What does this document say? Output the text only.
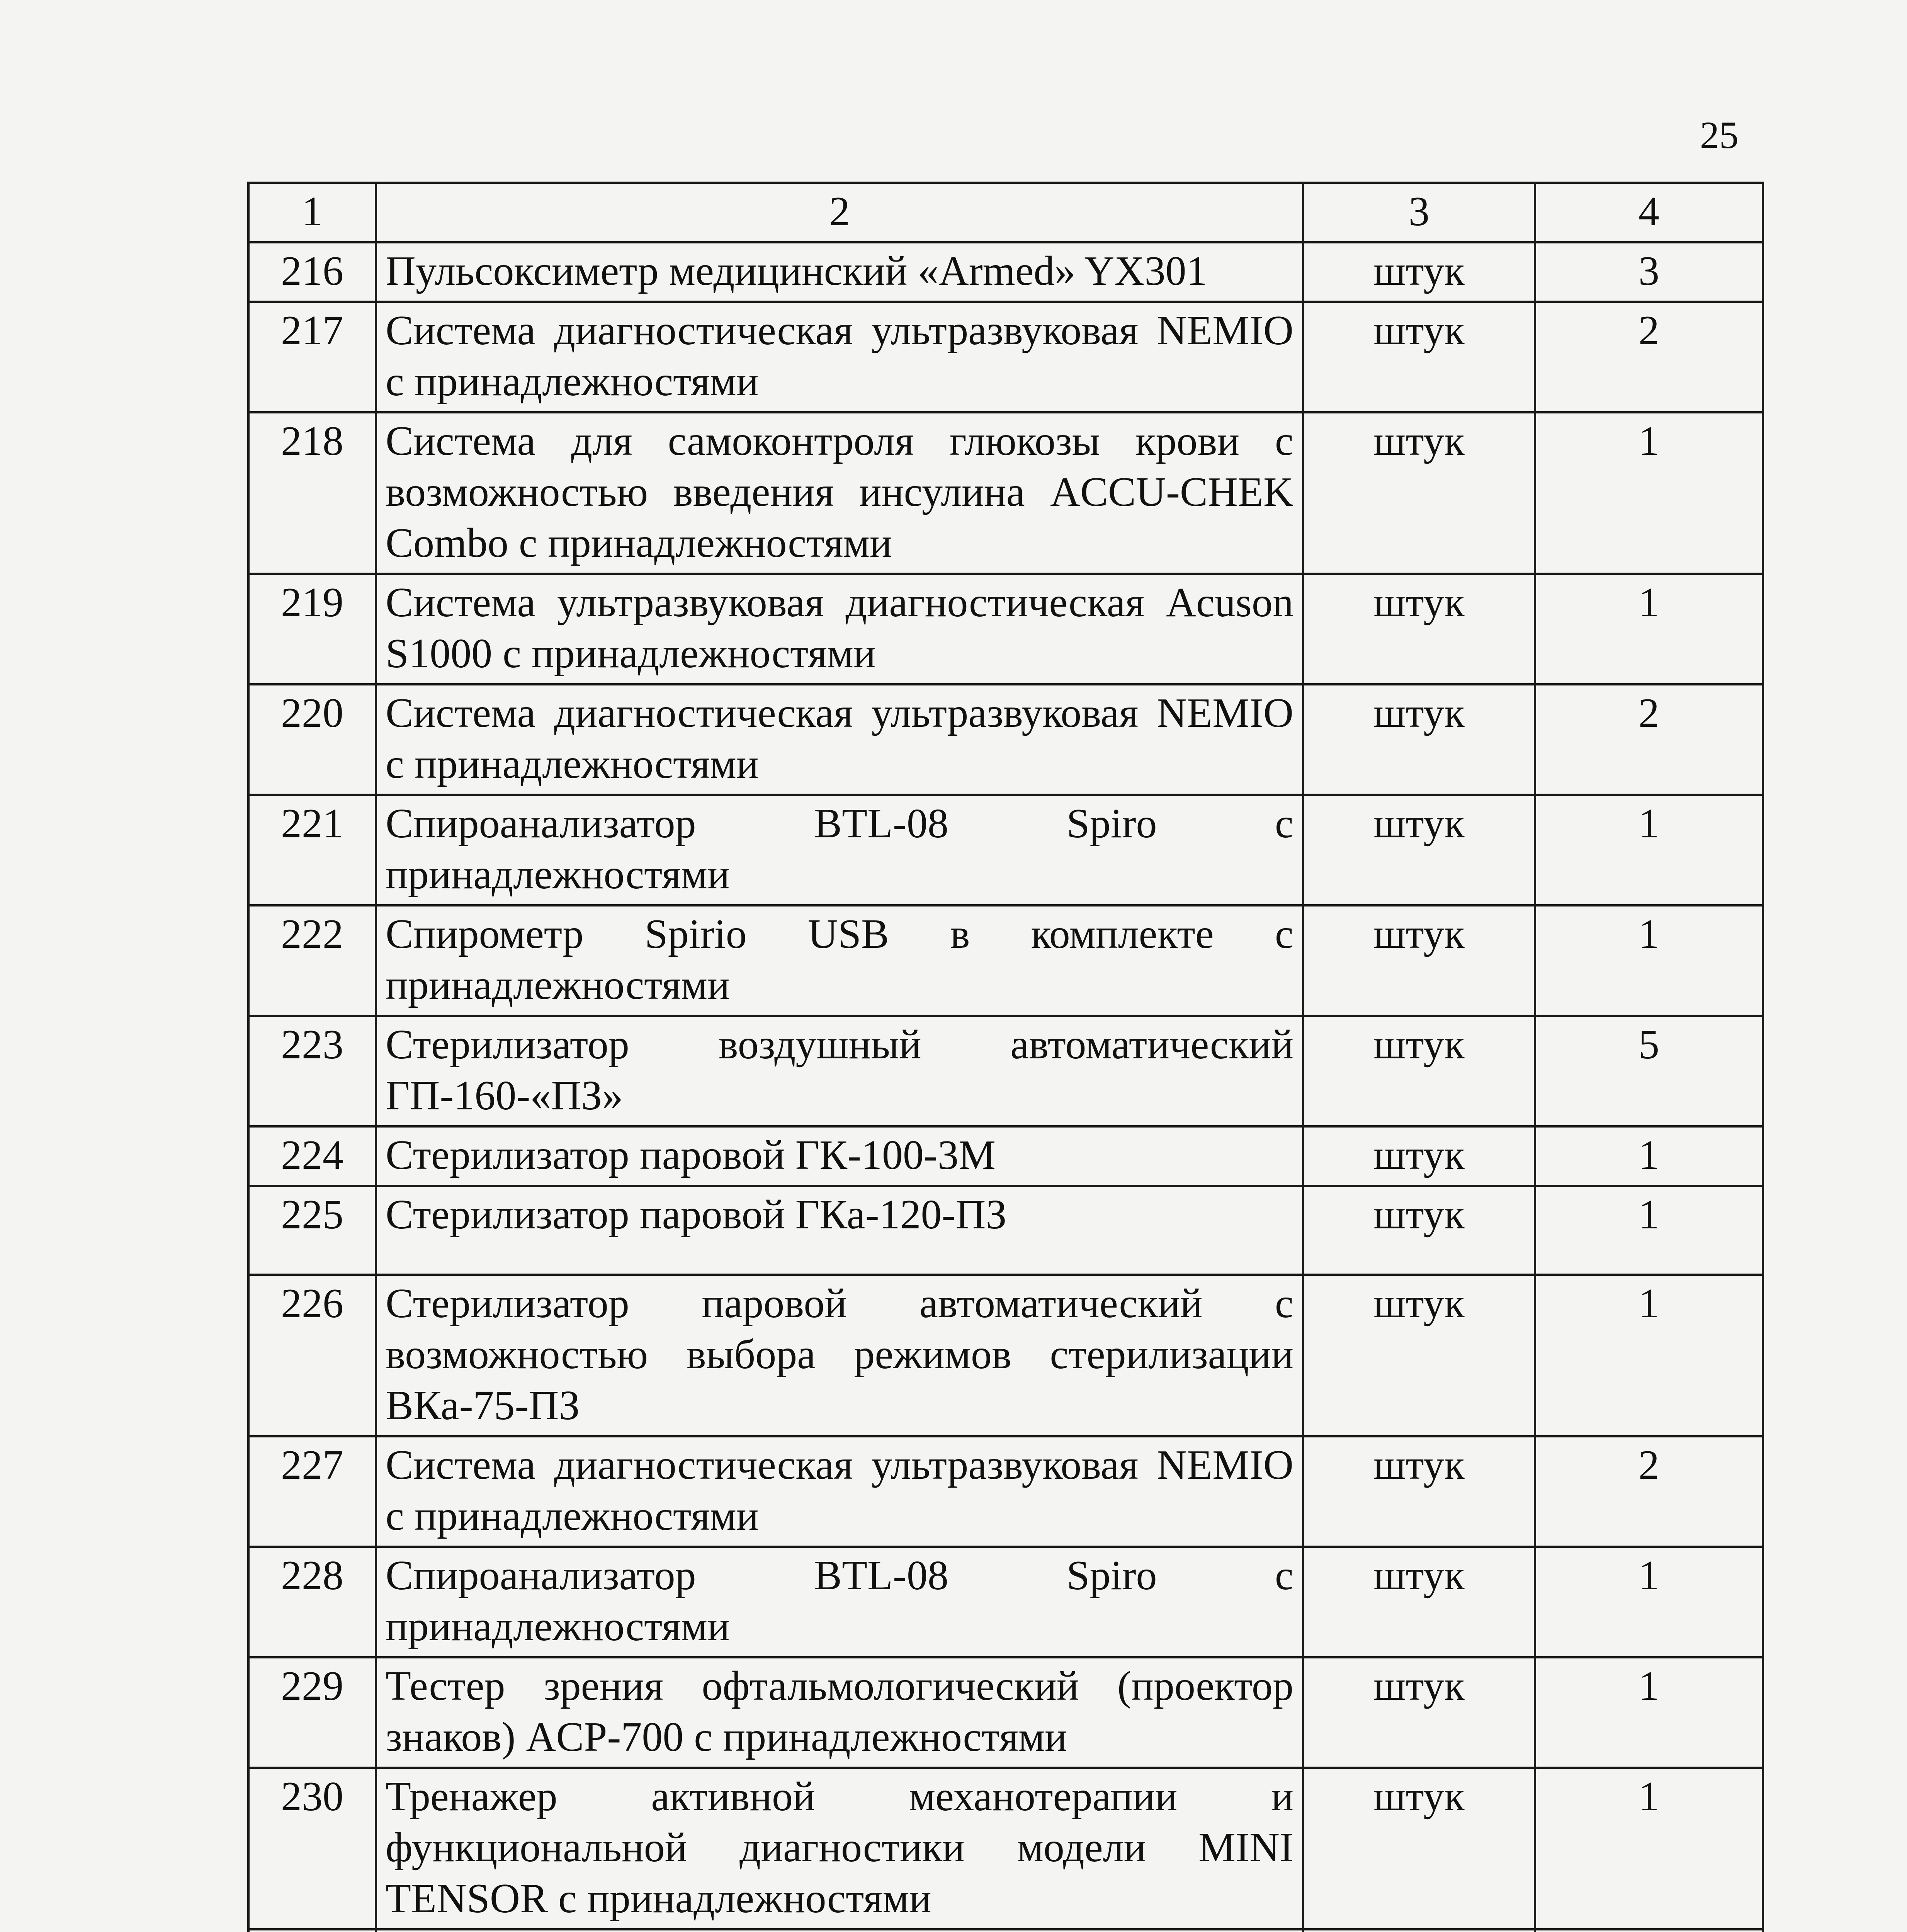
25
1	2	3	4
216	Пульсоксиметр медицинский «Armed» YX301	штук	3
217	Система диагностическая ультразвуковая NEMIO с принадлежностями	штук	2
218	Система для самоконтроля глюкозы крови с возможностью введения инсулина ACCU-CHEK Combo с принадлежностями	штук	1
219	Система ультразвуковая диагностическая Acuson S1000 с принадлежностями	штук	1
220	Система диагностическая ультразвуковая NEMIO с принадлежностями	штук	2
221	Спироанализатор BTL-08 Spiro с принадлежностями	штук	1
222	Спирометр Spirio USB в комплекте с принадлежностями	штук	1
223	Стерилизатор воздушный автоматический ГП-160-«ПЗ»	штук	5
224	Стерилизатор паровой ГК-100-3М	штук	1
225	Стерилизатор паровой ГКа-120-ПЗ	штук	1
226	Стерилизатор паровой автоматический с возможностью выбора режимов стерилизации ВКа-75-ПЗ	штук	1
227	Система диагностическая ультразвуковая NEMIO с принадлежностями	штук	2
228	Спироанализатор BTL-08 Spiro с принадлежностями	штук	1
229	Тестер зрения офтальмологический (проектор знаков) ACP-700 с принадлежностями	штук	1
230	Тренажер активной механотерапии и функциональной диагностики модели MINI TENSOR с принадлежностями	штук	1
